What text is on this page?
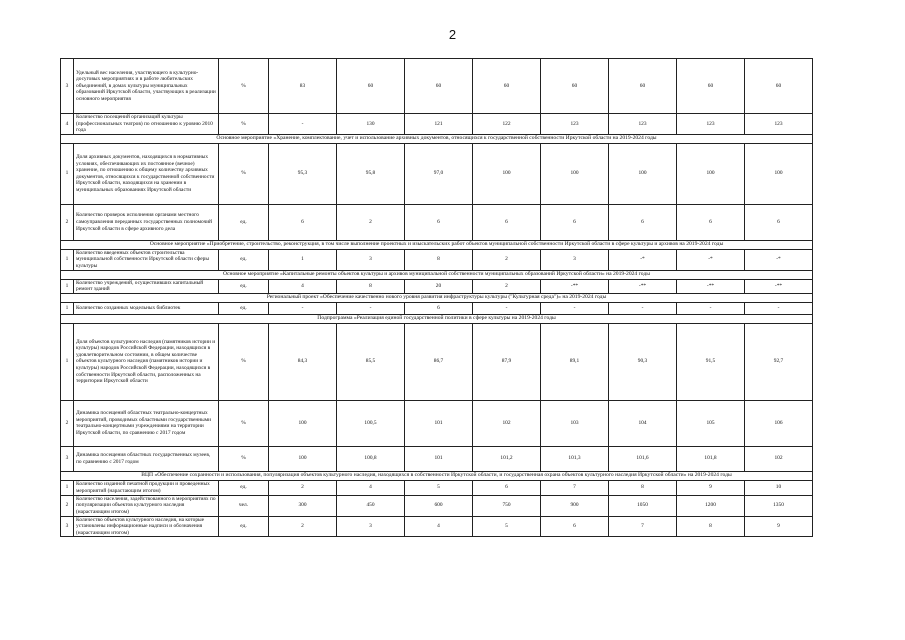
2
3	Удельный вес населения, участвующего в культурно-досуговых мероприятиях и в работе любительских объединений, в домах культуры муниципальных образований Иркутской области, участвующих в реализации основного мероприятия	%	83	60	60	60	60	60	60	60
4	Количество посещений организаций культуры (профессиональных театров) по отношению к уровню 2010 года	%	-	130	121	122	123	123	123	123
Основное мероприятие «Хранение, комплектование, учет и использование архивных документов, относящихся к государственной собственности Иркутской области на 2019-2024 годы										
1	Доля архивных документов, находящихся в нормативных условиях, обеспечивающих их постоянное (вечное) хранение, по отношению к общему количеству архивных документов, относящихся к государственной собственности Иркутской области, находящихся на хранении в муниципальных образованиях Иркутской области	%	95,3	95,8	97,0	100	100	100	100	100
2	Количество проверок исполнения органами местного самоуправления переданных государственных полномочий Иркутской области в сфере архивного дела	ед.	6	2	6	6	6	6	6	6
Основное мероприятие «Приобретение, строительство, реконструкция, в том числе выполнение проектных и изыскательских работ объектов муниципальной собственности Иркутской области в сфере культуры и архивов на 2019-2024 годы										
1	Количество введенных объектов строительства муниципальной собственности Иркутской области сферы культуры	ед.	1	3	8	2	3	-*	-*	-*
Основное мероприятие «Капитальные ремонты объектов культуры и архивов муниципальной собственности муниципальных образований Иркутской области» на 2019-2024 годы										
1	Количество учреждений, осуществивших капитальный ремонт зданий	ед.	4	8	20	2	-**	-**	-**	-**
Региональный проект «Обеспечение качественно нового уровня развития инфраструктуры культуры ("Культурная среда")» на 2019-2024 годы										
1	Количество созданных модельных библиотек	ед.	-	-	6	-	-	-	-	-
Подпрограмма «Реализация единой государственной политики в сфере культуры на 2019-2024 годы										
1	Доля объектов культурного наследия (памятников истории и культуры) народов Российской Федерации, находящихся в удовлетворительном состоянии, в общем количестве объектов культурного наследия (памятников истории и культуры) народов Российской Федерации, находящихся в собственности Иркутской области, расположенных на территории Иркутской области	%	84,3	85,5	86,7	87,9	89,1	90,3	91,5	92,7
2	Динамика посещений областных театрально-концертных мероприятий, проводимых областными государственными театрально-концертными учреждениями на территории Иркутской области, по сравнению с 2017 годом	%	100	100,5	101	102	103	104	105	106
3	Динамика посещения областных государственных музеев, по сравнению с 2017 годом	%	100	100,8	101	101,2	101,3	101,6	101,8	102
ВЦП «Обеспечение сохранности и использования, популяризация объектов культурного наследия, находящихся в собственности Иркутской области, и государственная охрана объектов культурного наследия Иркутской области» на 2019-2024 годы										
1	Количество изданной печатной продукции и проведенных мероприятий (нарастающим итогом)	ед.	2	4	5	6	7	8	9	10
2	Количество населения, задействованного в мероприятиях по популяризации объектов культурного наследия (нарастающим итогом)	чел.	300	450	600	750	900	1050	1200	1350
3	Количество объектов культурного наследия, на которые установлены информационные надписи и обозначения (нарастающим итогом)	ед.	2	3	4	5	6	7	8	9
